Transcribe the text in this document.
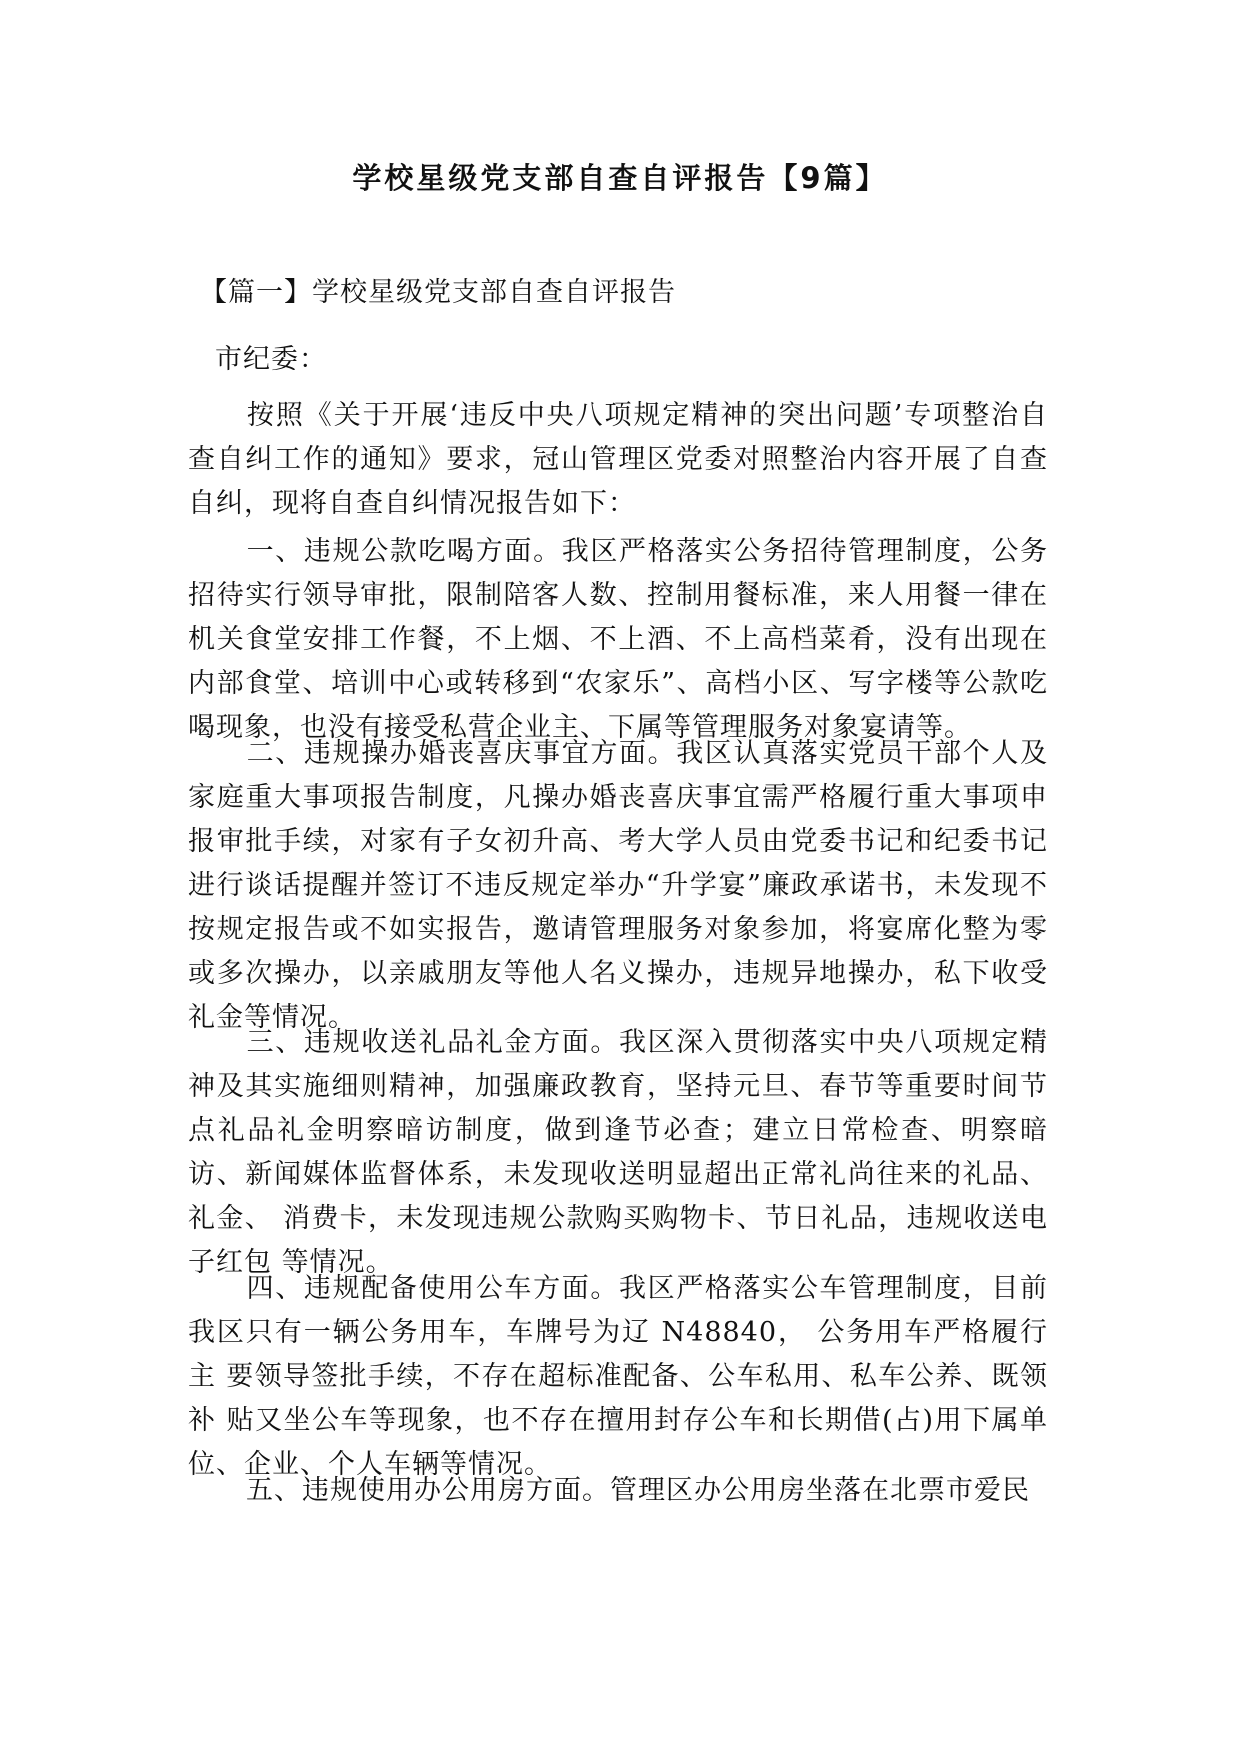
学校星级党支部自查自评报告【9篇】

【篇一】学校星级党支部自查自评报告

市纪委：

按照《关于开展‘违反中央八项规定精神的突出问题’专项整治自查自纠工作的通知》要求，冠山管理区党委对照整治内容开展了自查自纠，现将自查自纠情况报告如下：

一、违规公款吃喝方面。我区严格落实公务招待管理制度，公务招待实行领导审批，限制陪客人数、控制用餐标准，来人用餐一律在机关食堂安排工作餐，不上烟、不上酒、不上高档菜肴，没有出现在内部食堂、培训中心或转移到“农家乐”、高档小区、写字楼等公款吃喝现象，也没有接受私营企业主、下属等管理服务对象宴请等。

二、违规操办婚丧喜庆事宜方面。我区认真落实党员干部个人及家庭重大事项报告制度，凡操办婚丧喜庆事宜需严格履行重大事项申报审批手续，对家有子女初升高、考大学人员由党委书记和纪委书记进行谈话提醒并签订不违反规定举办“升学宴”廉政承诺书，未发现不按规定报告或不如实报告，邀请管理服务对象参加，将宴席化整为零或多次操办，以亲戚朋友等他人名义操办，违规异地操办，私下收受礼金等情况。

三、违规收送礼品礼金方面。我区深入贯彻落实中央八项规定精神及其实施细则精神，加强廉政教育，坚持元旦、春节等重要时间节点礼品礼金明察暗访制度，做到逢节必查；建立日常检查、明察暗访、新闻媒体监督体系，未发现收送明显超出正常礼尚往来的礼品、礼金、 消费卡，未发现违规公款购买购物卡、节日礼品，违规收送电子红包 等情况。

四、违规配备使用公车方面。我区严格落实公车管理制度，目前我区只有一辆公务用车，车牌号为辽 N48840， 公务用车严格履行主 要领导签批手续，不存在超标准配备、公车私用、私车公养、既领补 贴又坐公车等现象，也不存在擅用封存公车和长期借(占)用下属单 位、企业、个人车辆等情况。

五、违规使用办公用房方面。管理区办公用房坐落在北票市爱民
